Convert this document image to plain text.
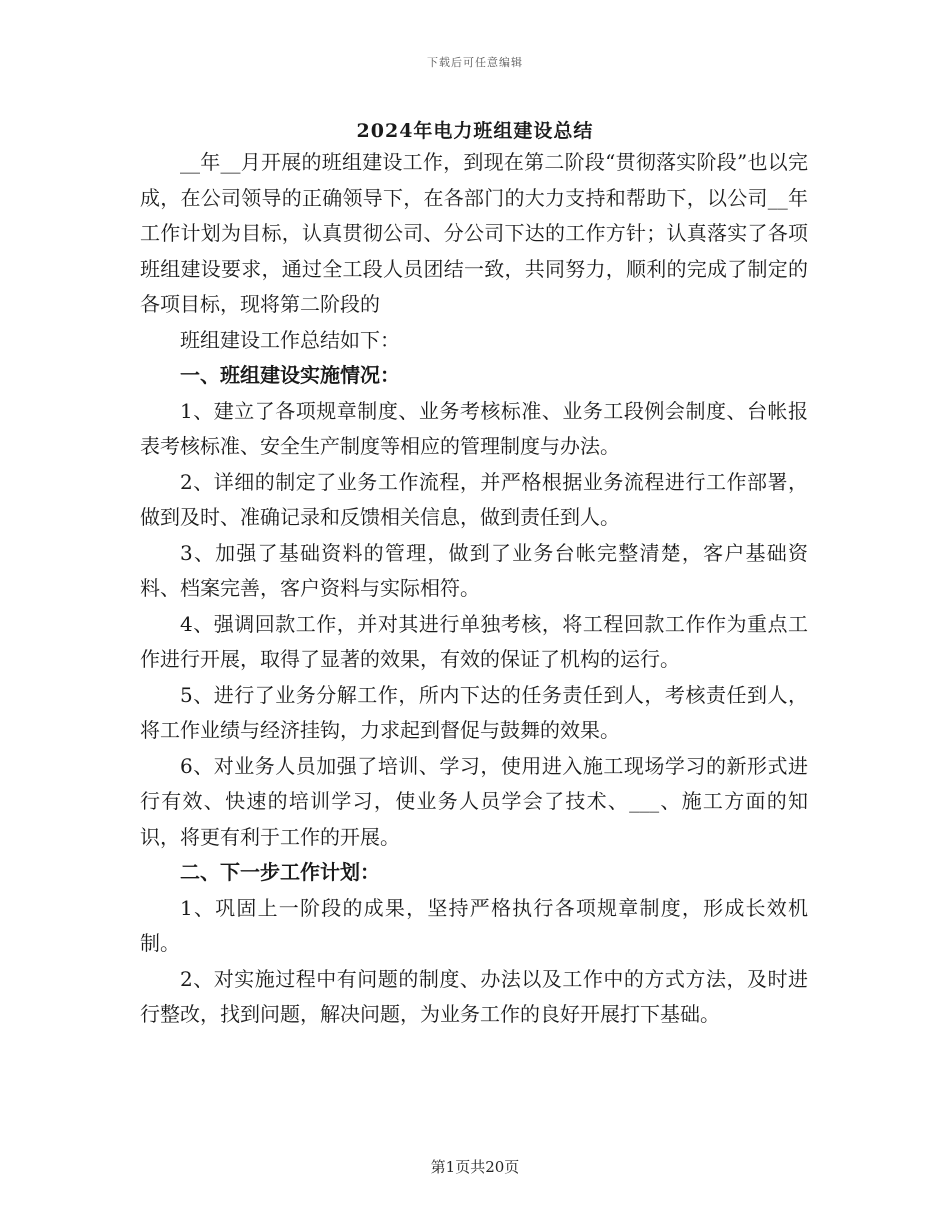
下载后可任意编辑
2024年电力班组建设总结

__年__月开展的班组建设工作，到现在第二阶段“贯彻落实阶段”也以完成，在公司领导的正确领导下，在各部门的大力支持和帮助下，以公司__年工作计划为目标，认真贯彻公司、分公司下达的工作方针；认真落实了各项班组建设要求，通过全工段人员团结一致，共同努力，顺利的完成了制定的各项目标，现将第二阶段的

班组建设工作总结如下：

一、班组建设实施情况：

1、建立了各项规章制度、业务考核标准、业务工段例会制度、台帐报表考核标准、安全生产制度等相应的管理制度与办法。

2、详细的制定了业务工作流程，并严格根据业务流程进行工作部署，做到及时、准确记录和反馈相关信息，做到责任到人。

3、加强了基础资料的管理，做到了业务台帐完整清楚，客户基础资料、档案完善，客户资料与实际相符。

4、强调回款工作，并对其进行单独考核，将工程回款工作作为重点工作进行开展，取得了显著的效果，有效的保证了机构的运行。

5、进行了业务分解工作，所内下达的任务责任到人，考核责任到人，将工作业绩与经济挂钩，力求起到督促与鼓舞的效果。

6、对业务人员加强了培训、学习，使用进入施工现场学习的新形式进行有效、快速的培训学习，使业务人员学会了技术、___、施工方面的知识，将更有利于工作的开展。

二、下一步工作计划：

1、巩固上一阶段的成果，坚持严格执行各项规章制度，形成长效机制。

2、对实施过程中有问题的制度、办法以及工作中的方式方法，及时进行整改，找到问题，解决问题，为业务工作的良好开展打下基础。

第1页共20页
